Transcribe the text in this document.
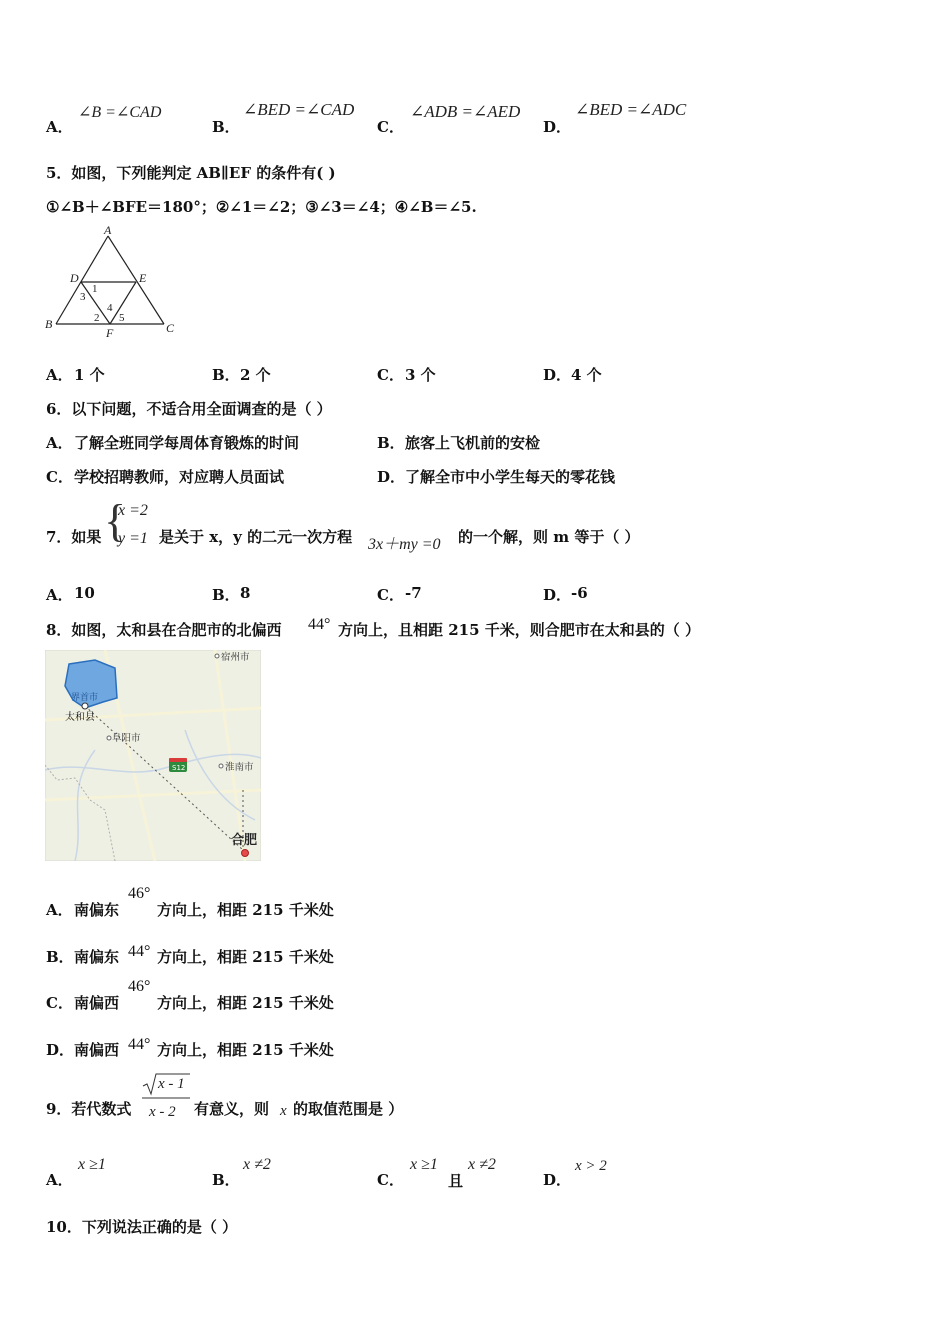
A．
∠B =∠CAD
B．
∠BED =∠CAD
C．
∠ADB =∠AED
D．
∠BED =∠ADC
5．如图，下列能判定 AB∥EF 的条件有( )
①∠B＋∠BFE＝180°；②∠1＝∠2；③∠3＝∠4；④∠B＝∠5.
A
B	C
D	E
F
1
2
3
4
5
A． 1 个	B． 2 个	C． 3 个	D． 4 个
6．以下问题，不适合用全面调查的是（ ）
A． 了解全班同学每周体育锻炼的时间	B． 旅客上飞机前的安检
C． 学校招聘教师，对应聘人员面试	D． 了解全市中小学生每天的零花钱
7．如果 {
x =2
y =1 是关于 x，y 的二元一次方程 3x＋my =0 的一个解，则 m 等于（ ）
A． 10	B． 8	C． -7	D． -6
8．如图，太和县在合肥市的北偏西 44° 方向上，且相距 215 千米，则合肥市在太和县的（ ）
宿州市
界首市
太和县
阜阳市
S12	淮南市
合肥
A． 南偏东
46°
方向上，相距 215 千米处
B． 南偏东 44° 方向上，相距 215 千米处
C． 南偏西
46°
方向上，相距 215 千米处
D． 南偏西 44° 方向上，相距 215 千米处
9．若代数式
x - 1
x - 2 有意义，则 x 的取值范围是 ）
A．
x ≥1
B．
x ≠2
C．
x ≥1
且
x ≠2
D．
x > 2
10．下列说法正确的是（ ）
